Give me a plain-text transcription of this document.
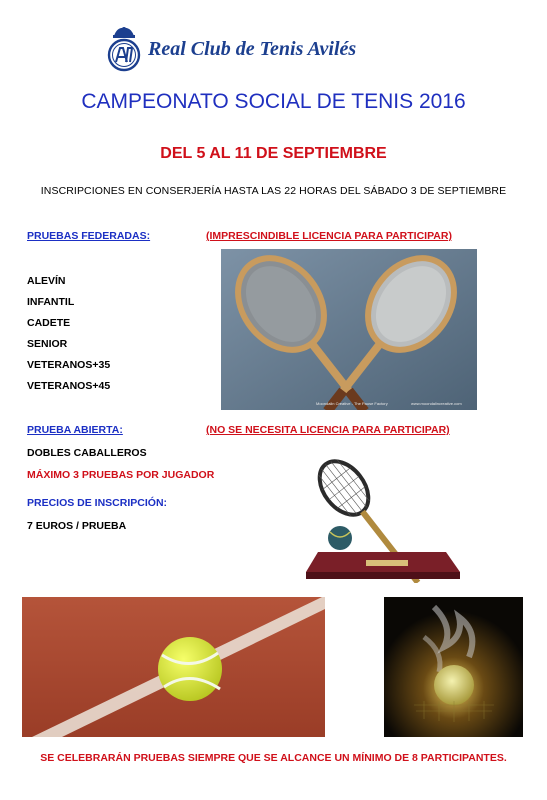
Real Club de Tenis Avilés
CAMPEONATO SOCIAL DE TENIS 2016
DEL 5 AL 11 DE SEPTIEMBRE
INSCRIPCIONES EN CONSERJERÍA HASTA LAS 22 HORAS DEL SÁBADO 3 DE SEPTIEMBRE
PRUEBAS FEDERADAS:	(IMPRESCINDIBLE LICENCIA PARA PARTICIPAR)
ALEVÍN
INFANTIL
CADETE
SENIOR
VETERANOS+35
VETERANOS+45
Moondalin Creative - The Pause Factory	www.moondalincreative.com
PRUEBA ABIERTA:	(NO SE NECESITA LICENCIA PARA PARTICIPAR)
DOBLES CABALLEROS
MÁXIMO 3 PRUEBAS POR JUGADOR
PRECIOS DE INSCRIPCIÓN:
7 EUROS / PRUEBA
SE CELEBRARÁN PRUEBAS SIEMPRE QUE SE ALCANCE UN MÍNIMO DE 8 PARTICIPANTES.
